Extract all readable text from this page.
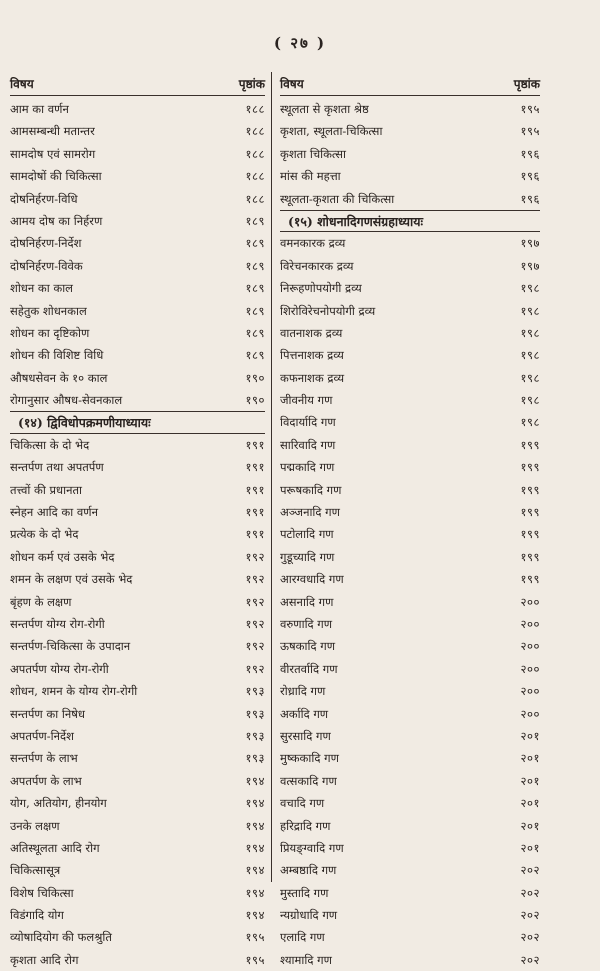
( २७ )
विषय	पृष्ठांक
आम का वर्णन	१८८
आमसम्बन्धी मतान्तर	१८८
सामदोष एवं सामरोग	१८८
सामदोषों की चिकित्सा	१८८
दोषनिर्हरण-विधि	१८८
आमय दोष का निर्हरण	१८९
दोषनिर्हरण-निर्देश	१८९
दोषनिर्हरण-विवेक	१८९
शोधन का काल	१८९
सहेतुक शोधनकाल	१८९
शोधन का दृष्टिकोण	१८९
शोधन की विशिष्ट विधि	१८९
औषधसेवन के १० काल	१९०
रोगानुसार औषध-सेवनकाल	१९०
(१४) द्विविधोपक्रमणीयाध्यायः
चिकित्सा के दो भेद	१९१
सन्तर्पण तथा अपतर्पण	१९१
तत्त्वों की प्रधानता	१९१
स्नेहन आदि का वर्णन	१९१
प्रत्येक के दो भेद	१९१
शोधन कर्म एवं उसके भेद	१९२
शमन के लक्षण एवं उसके भेद	१९२
बृंहण के लक्षण	१९२
सन्तर्पण योग्य रोग-रोगी	१९२
सन्तर्पण-चिकित्सा के उपादान	१९२
अपतर्पण योग्य रोग-रोगी	१९२
शोधन, शमन के योग्य रोग-रोगी	१९३
सन्तर्पण का निषेध	१९३
अपतर्पण-निर्देश	१९३
सन्तर्पण के लाभ	१९३
अपतर्पण के लाभ	१९४
योग, अतियोग, हीनयोग	१९४
उनके लक्षण	१९४
अतिस्थूलता आदि रोग	१९४
चिकित्सासूत्र	१९४
विशेष चिकित्सा	१९४
विडंगादि योग	१९४
व्योषादियोग की फलश्रुति	१९५
कृशता आदि रोग	१९५
विषय	पृष्ठांक
स्थूलता से कृशता श्रेष्ठ	१९५
कृशता, स्थूलता-चिकित्सा	१९५
कृशता चिकित्सा	१९६
मांस की महत्ता	१९६
स्थूलता-कृशता की चिकित्सा	१९६
(१५) शोधनादिगणसंग्रहाध्यायः
वमनकारक द्रव्य	१९७
विरेचनकारक द्रव्य	१९७
निरूहणोपयोगी द्रव्य	१९८
शिरोविरेचनोपयोगी द्रव्य	१९८
वातनाशक द्रव्य	१९८
पित्तनाशक द्रव्य	१९८
कफनाशक द्रव्य	१९८
जीवनीय गण	१९८
विदार्यादि गण	१९८
सारिवादि गण	१९९
पद्मकादि गण	१९९
परूषकादि गण	१९९
अञ्जनादि गण	१९९
पटोलादि गण	१९९
गुडूच्यादि गण	१९९
आरग्वधादि गण	१९९
असनादि गण	२००
वरुणादि गण	२००
ऊषकादि गण	२००
वीरतर्वादि गण	२००
रोध्रादि गण	२००
अर्कादि गण	२००
सुरसादि गण	२०१
मुष्ककादि गण	२०१
वत्सकादि गण	२०१
वचादि गण	२०१
हरिद्रादि गण	२०१
प्रियङ्ग्वादि गण	२०१
अम्बष्ठादि गण	२०२
मुस्तादि गण	२०२
न्यग्रोधादि गण	२०२
एलादि गण	२०२
श्यामादि गण	२०२
